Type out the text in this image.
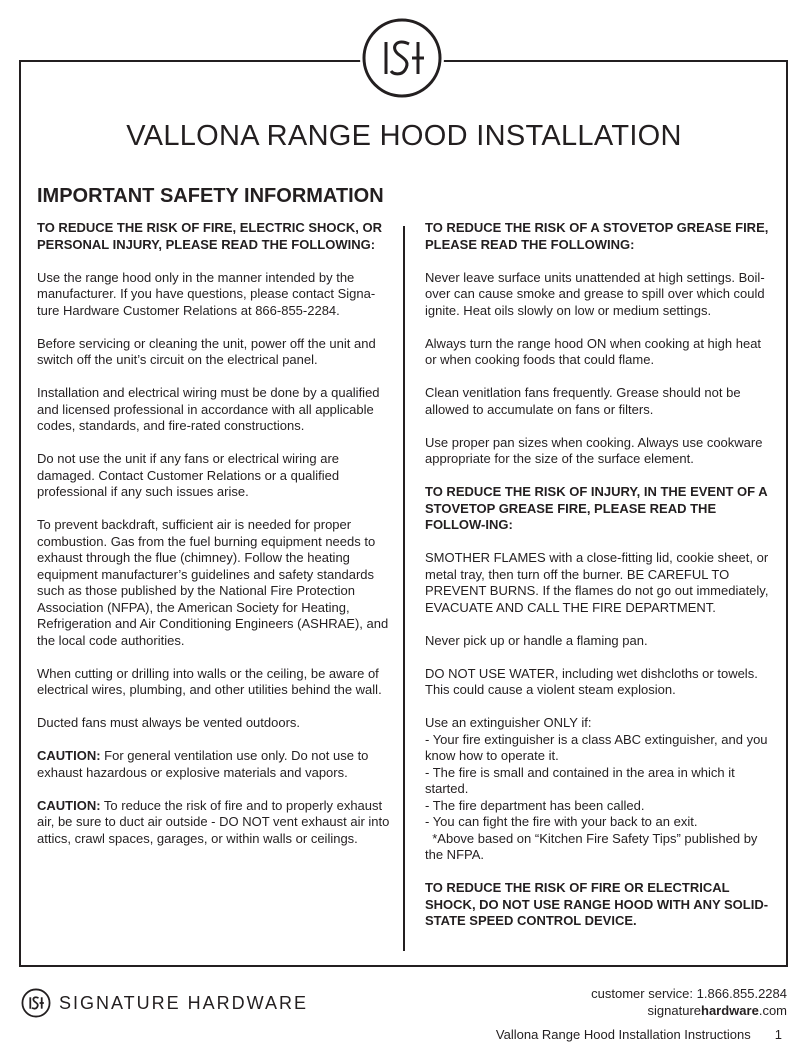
VALLONA RANGE HOOD INSTALLATION
IMPORTANT SAFETY INFORMATION

TO REDUCE THE RISK OF FIRE, ELECTRIC SHOCK, OR PERSONAL INJURY, PLEASE READ THE FOLLOWING:

Use the range hood only in the manner intended by the manufacturer. If you have questions, please contact Signa-ture Hardware Customer Relations at 866-855-2284.

Before servicing or cleaning the unit, power off the unit and switch off the unit’s circuit on the electrical panel.

Installation and electrical wiring must be done by a qualified and licensed professional in accordance with all applicable codes, standards, and fire-rated constructions.

Do not use the unit if any fans or electrical wiring are damaged. Contact Customer Relations or a qualified professional if any such issues arise.

To prevent backdraft, sufficient air is needed for proper combustion. Gas from the fuel burning equipment needs to exhaust through the flue (chimney). Follow the heating equipment manufacturer’s guidelines and safety standards such as those published by the National Fire Protection Association (NFPA), the American Society for Heating, Refrigeration and Air Conditioning Engineers (ASHRAE), and the local code authorities.

When cutting or drilling into walls or the ceiling, be aware of electrical wires, plumbing, and other utilities behind the wall.

Ducted fans must always be vented outdoors.

CAUTION: For general ventilation use only. Do not use to exhaust hazardous or explosive materials and vapors.

CAUTION: To reduce the risk of fire and to properly exhaust air, be sure to duct air outside - DO NOT vent exhaust air into attics, crawl spaces, garages, or within walls or ceilings.

TO REDUCE THE RISK OF A STOVETOP GREASE FIRE, PLEASE READ THE FOLLOWING:

Never leave surface units unattended at high settings. Boil-over can cause smoke and grease to spill over which could ignite. Heat oils slowly on low or medium settings.

Always turn the range hood ON when cooking at high heat or when cooking foods that could flame.

Clean venitlation fans frequently. Grease should not be allowed to accumulate on fans or filters.

Use proper pan sizes when cooking. Always use cookware appropriate for the size of the surface element.

TO REDUCE THE RISK OF INJURY, IN THE EVENT OF A STOVETOP GREASE FIRE, PLEASE READ THE FOLLOW-ING:

SMOTHER FLAMES with a close-fitting lid, cookie sheet, or metal tray, then turn off the burner. BE CAREFUL TO PREVENT BURNS. If the flames do not go out immediately, EVACUATE AND CALL THE FIRE DEPARTMENT.

Never pick up or handle a flaming pan.

DO NOT USE WATER, including wet dishcloths or towels. This could cause a violent steam explosion.

Use an extinguisher ONLY if:
- Your fire extinguisher is a class ABC extinguisher, and you know how to operate it.
- The fire is small and contained in the area in which it started.
- The fire department has been called.
- You can fight the fire with your back to an exit.
*Above based on “Kitchen Fire Safety Tips” published by the NFPA.

TO REDUCE THE RISK OF FIRE OR ELECTRICAL SHOCK, DO NOT USE RANGE HOOD WITH ANY SOLID-STATE SPEED CONTROL DEVICE.

SIGNATURE HARDWARE	customer service: 1.866.855.2284
signaturehardware.com
Vallona Range Hood Installation Instructions 1
